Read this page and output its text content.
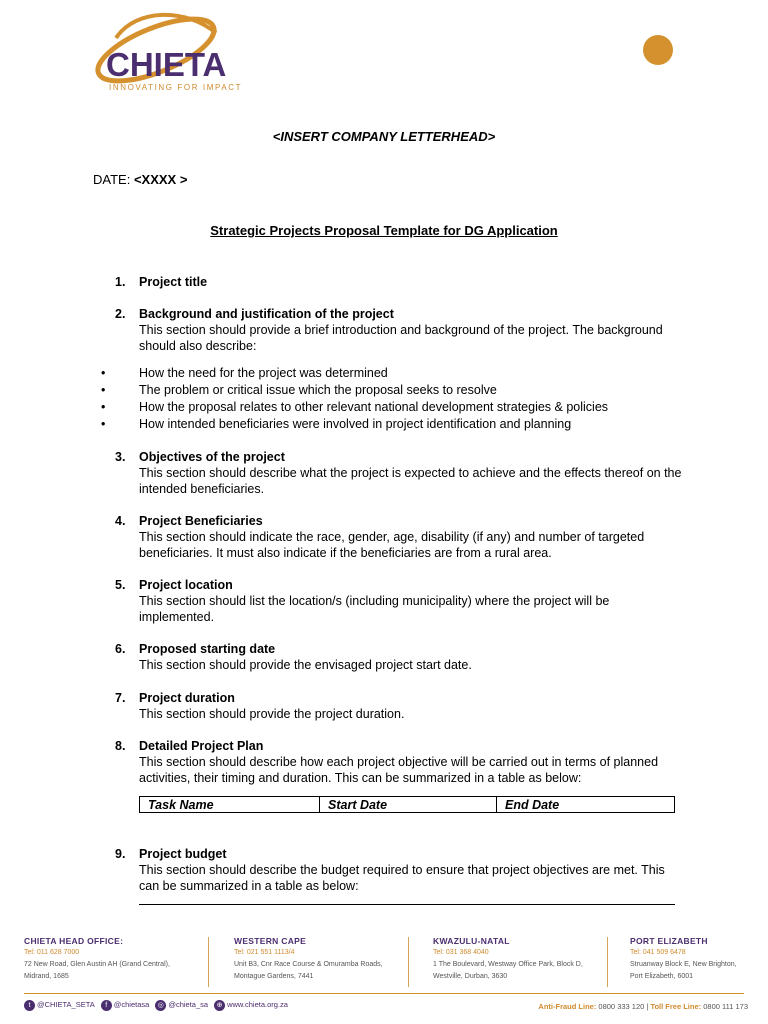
CHIETA
INNOVATING FOR IMPACT
<INSERT COMPANY LETTERHEAD>
DATE: <XXXX >
Strategic Projects Proposal Template for DG Application
1. Project title
2. Background and justification of the project
This section should provide a brief introduction and background of the project. The background should also describe:
•	How the need for the project was determined
•	The problem or critical issue which the proposal seeks to resolve
•	How the proposal relates to other relevant national development strategies & policies
•	How intended beneficiaries were involved in project identification and planning
3. Objectives of the project
This section should describe what the project is expected to achieve and the effects thereof on the intended beneficiaries.
4. Project Beneficiaries
This section should indicate the race, gender, age, disability (if any) and number of targeted beneficiaries. It must also indicate if the beneficiaries are from a rural area.
5. Project location
This section should list the location/s (including municipality) where the project will be implemented.
6. Proposed starting date
This section should provide the envisaged project start date.
7. Project duration
This section should provide the project duration.
8. Detailed Project Plan
This section should describe how each project objective will be carried out in terms of planned activities, their timing and duration. This can be summarized in a table as below:
Task Name	Start Date	End Date
9. Project budget
This section should describe the budget required to ensure that project objectives are met. This can be summarized in a table as below:
CHIETA HEAD OFFICE:
Tel: 011 628 7000
72 New Road, Glen Austin AH (Grand Central),
Midrand, 1685
WESTERN CAPE
Tel: 021 551 1113/4
Unit B3, Cnr Race Course & Omuramba Roads,
Montague Gardens, 7441
KWAZULU-NATAL
Tel: 031 368 4040
1 The Boulevard, Westway Office Park, Block D,
Westville, Durban, 3630
PORT ELIZABETH
Tel: 041 509 6478
Struanway Block E, New Brighton,
Port Elizabeth, 6001
t @CHIETA_SETA	f @chietasa	◎ @chieta_sa	⊕ www.chieta.org.za	Anti-Fraud Line: 0800 333 120 | Toll Free Line: 0800 111 173
